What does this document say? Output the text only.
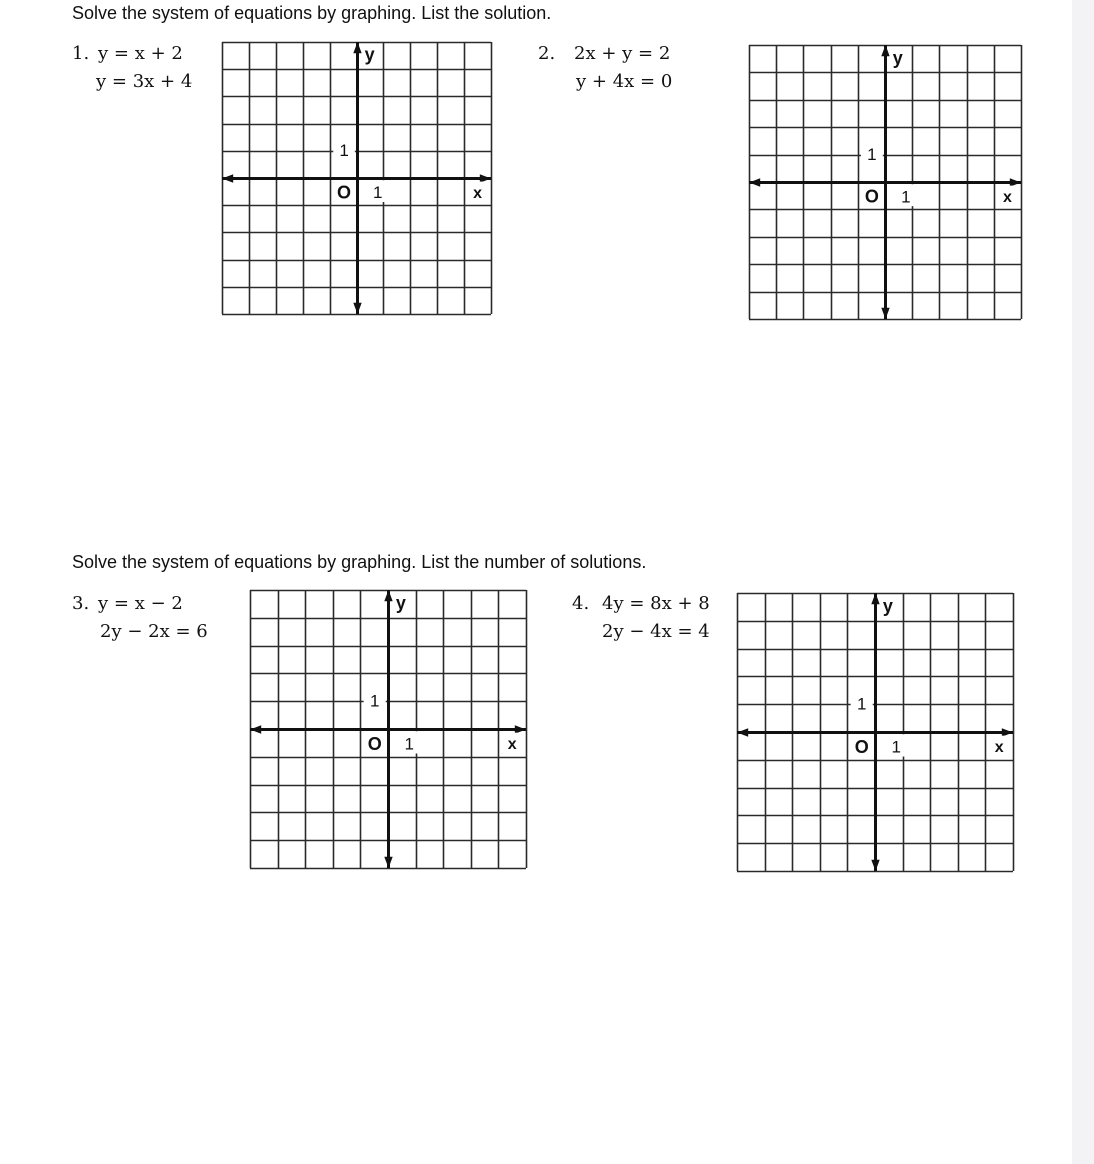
Solve the system of equations by graphing. List the solution.
1. y = x + 2
y = 3x + 4
2. 2x + y = 2
y + 4x = 0
y
x
O 1
1
y
x
O 1
1
Solve the system of equations by graphing. List the number of solutions.
3. y = x − 2
2y − 2x = 6
4. 4y = 8x + 8
2y − 4x = 4
y
x
O 1
1
y
x
O 1
1
